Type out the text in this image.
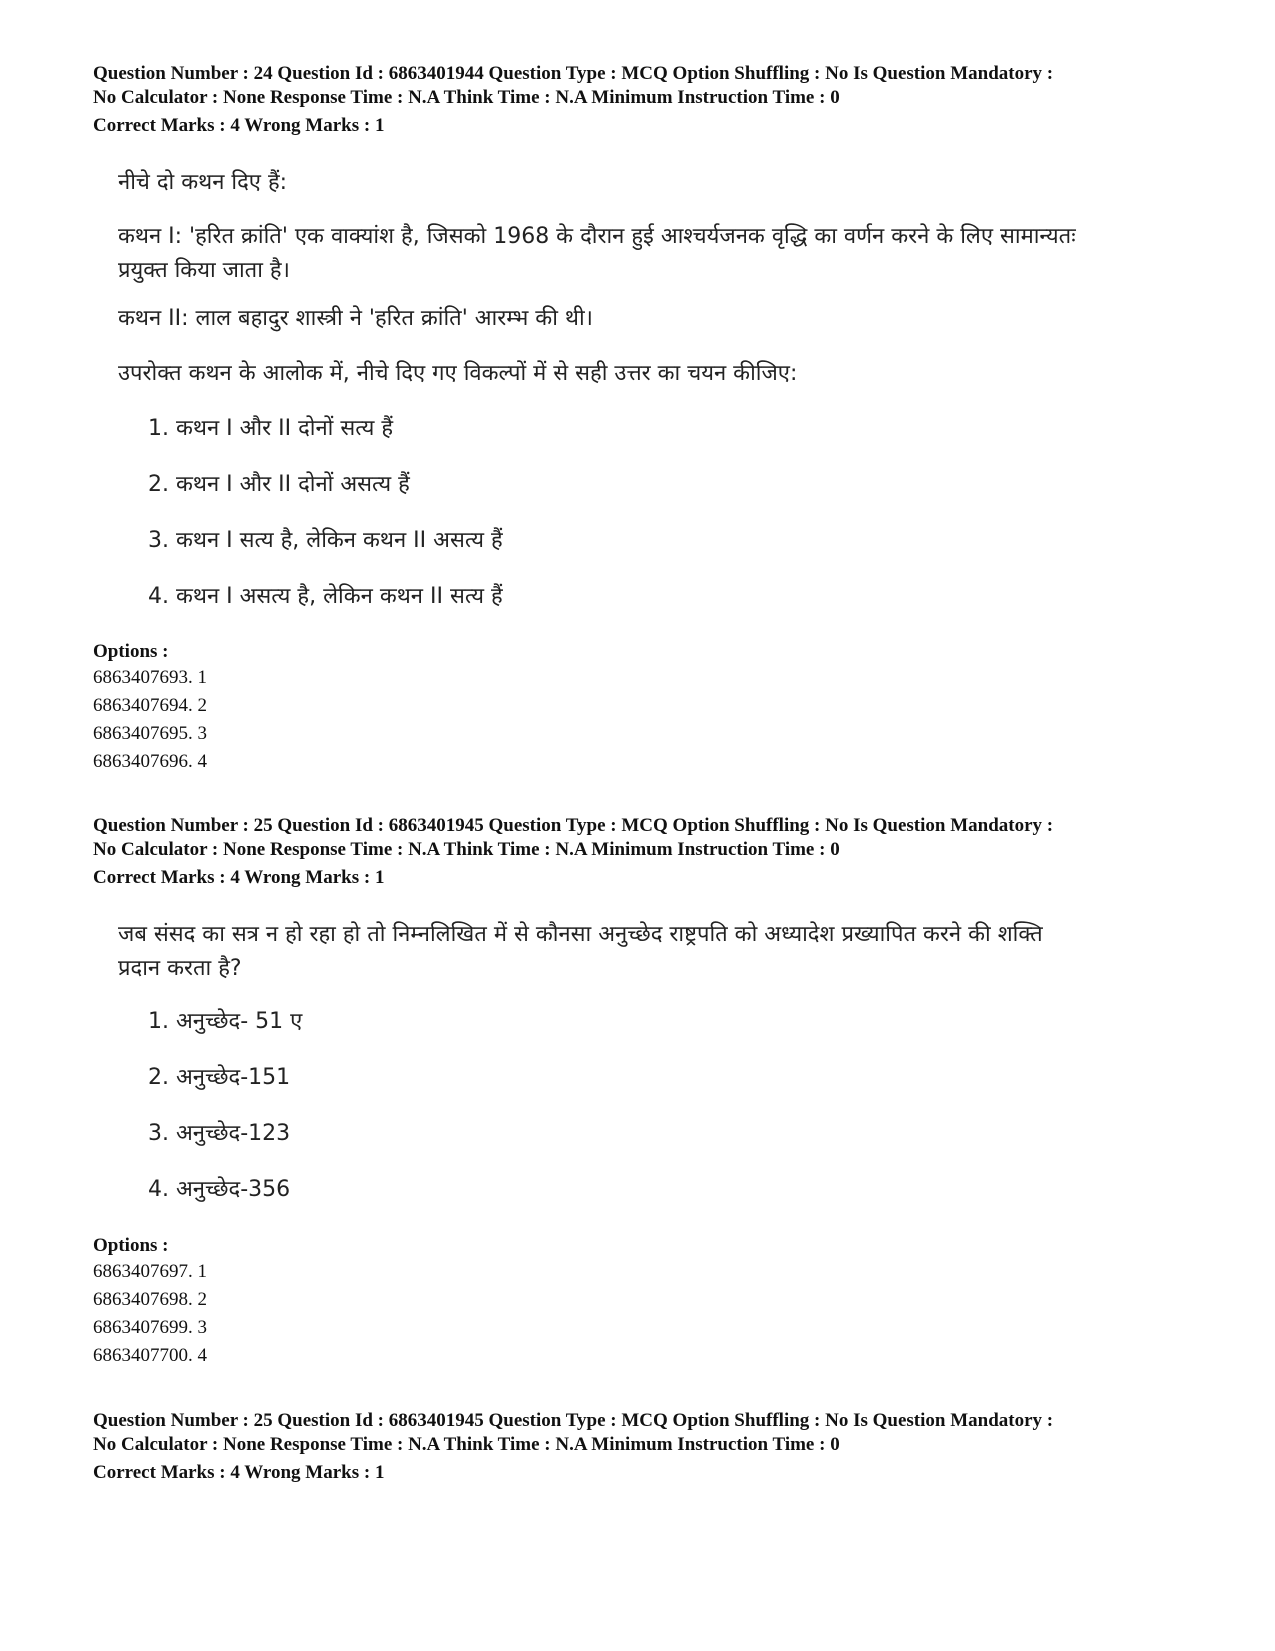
Question Number : 24 Question Id : 6863401944 Question Type : MCQ Option Shuffling : No Is Question Mandatory :
No Calculator : None Response Time : N.A Think Time : N.A Minimum Instruction Time : 0
Correct Marks : 4 Wrong Marks : 1
नीचे दो कथन दिए हैं:
कथन I: 'हरित क्रांति' एक वाक्यांश है, जिसको 1968 के दौरान हुई आश्चर्यजनक वृद्धि का वर्णन करने के लिए सामान्यतः
प्रयुक्त किया जाता है।
कथन II: लाल बहादुर शास्त्री ने 'हरित क्रांति' आरम्भ की थी।
उपरोक्त कथन के आलोक में, नीचे दिए गए विकल्पों में से सही उत्तर का चयन कीजिए:
1. कथन I और II दोनों सत्य हैं
2. कथन I और II दोनों असत्य हैं
3. कथन I सत्य है, लेकिन कथन II असत्य हैं
4. कथन I असत्य है, लेकिन कथन II सत्य हैं
Options :
6863407693. 1
6863407694. 2
6863407695. 3
6863407696. 4
Question Number : 25 Question Id : 6863401945 Question Type : MCQ Option Shuffling : No Is Question Mandatory :
No Calculator : None Response Time : N.A Think Time : N.A Minimum Instruction Time : 0
Correct Marks : 4 Wrong Marks : 1
जब संसद का सत्र न हो रहा हो तो निम्नलिखित में से कौनसा अनुच्छेद राष्ट्रपति को अध्यादेश प्रख्यापित करने की शक्ति
प्रदान करता है?
1. अनुच्छेद- 51 ए
2. अनुच्छेद-151
3. अनुच्छेद-123
4. अनुच्छेद-356
Options :
6863407697. 1
6863407698. 2
6863407699. 3
6863407700. 4
Question Number : 25 Question Id : 6863401945 Question Type : MCQ Option Shuffling : No Is Question Mandatory :
No Calculator : None Response Time : N.A Think Time : N.A Minimum Instruction Time : 0
Correct Marks : 4 Wrong Marks : 1
